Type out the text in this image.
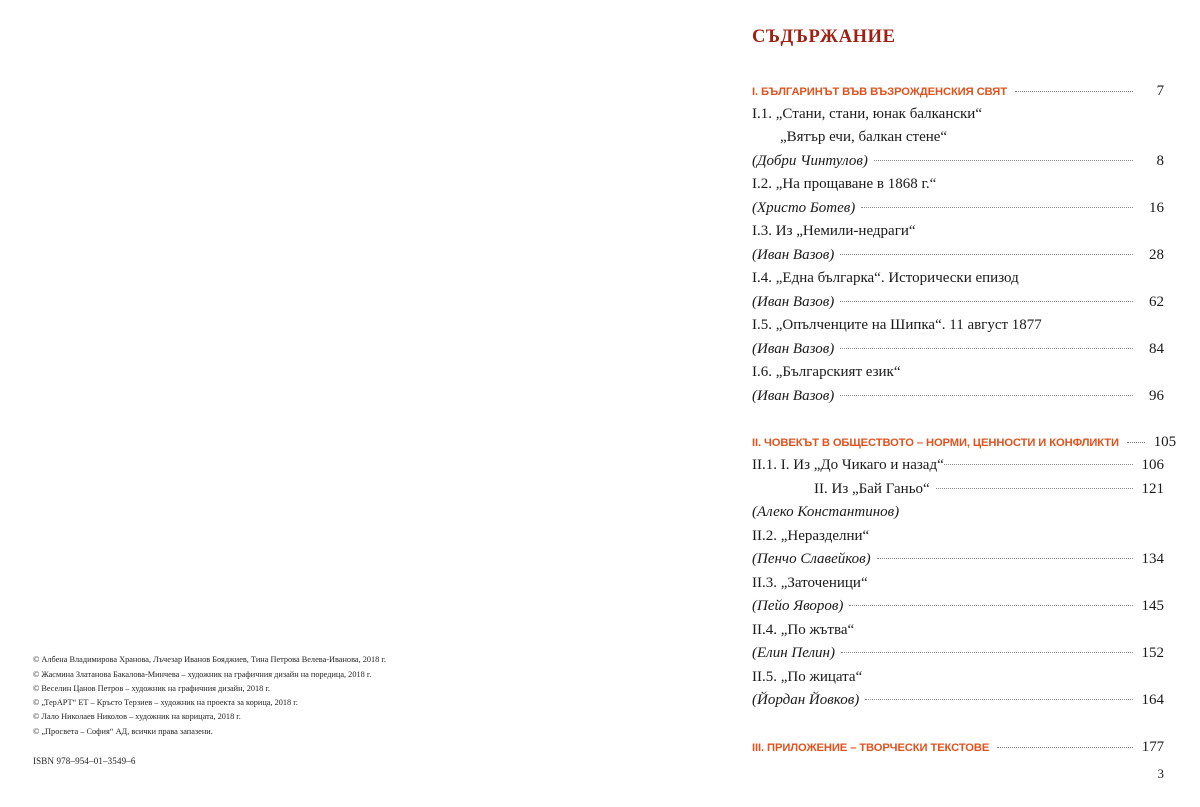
© Албена Владимирова Хранова, Лъчезар Иванов Бояджиев, Тина Петрова Велева-Иванова, 2018 г.
© Жасмина Златанова Бакалова-Минчева – художник на графичния дизайн на поредица, 2018 г.
© Веселин Цанов Петров – художник на графичния дизайн, 2018 г.
© „ТерАРТ“ ЕТ – Кръсто Терзиев – художник на проекта за корица, 2018 г.
© Лало Николаев Николов – художник на корицата, 2018 г.
© „Просвета – София“ АД, всички права запазени.
ISBN 978–954–01–3549–6
СЪДЪРЖАНИЕ
I. БЪЛГАРИНЪТ ВЪВ ВЪЗРОЖДЕНСКИЯ СВЯТ	7
I.1. „Стани, стани, юнак балкански“
„Вятър ечи, балкан стене“
(Добри Чинтулов)	8
I.2. „На прощаване в 1868 г.“
(Христо Ботев)	16
I.3. Из „Немили-недраги“
(Иван Вазов)	28
I.4. „Една българка“. Исторически епизод
(Иван Вазов)	62
I.5. „Опълченците на Шипка“. 11 август 1877
(Иван Вазов)	84
I.6. „Българският език“
(Иван Вазов)	96
II. ЧОВЕКЪТ В ОБЩЕСТВОТО – НОРМИ, ЦЕННОСТИ И КОНФЛИКТИ 105
II.1. I. Из „До Чикаго и назад“	106
II. Из „Бай Ганьо“	121
(Алеко Константинов)
II.2. „Неразделни“
(Пенчо Славейков)	134
II.3. „Заточеници“
(Пейо Яворов)	145
II.4. „По жътва“
(Елин Пелин)	152
II.5. „По жицата“
(Йордан Йовков)	164
III. ПРИЛОЖЕНИЕ – ТВОРЧЕСКИ ТЕКСТОВЕ	177
3
